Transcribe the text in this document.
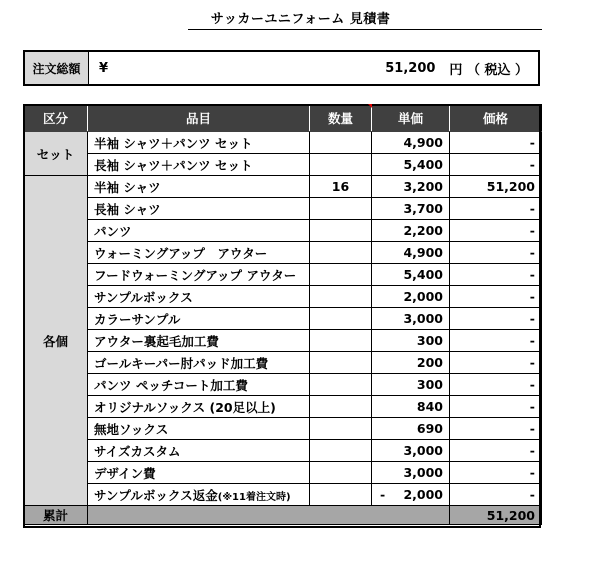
サッカーユニフォーム 見積書
注文総額	¥	51,200	円 （ 税込 ）
区分	品目	数量	単価	価格
セット	半袖 シャツ＋パンツ セット		4,900	-
	長袖 シャツ＋パンツ セット		5,400	-
各個	半袖 シャツ	16	3,200	51,200
	長袖 シャツ		3,700	-
	パンツ		2,200	-
	ウォーミングアップ　アウター		4,900	-
	フードウォーミングアップ アウター		5,400	-
	サンプルボックス		2,000	-
	カラーサンプル		3,000	-
	アウター裏起毛加工費		300	-
	ゴールキーパー肘パッド加工費		200	-
	パンツ ペッチコート加工費		300	-
	オリジナルソックス (20足以上)		840	-
	無地ソックス		690	-
	サイズカスタム		3,000	-
	デザイン費		3,000	-
	サンプルボックス返金(※11着注文時)		- 2,000	-
累計				51,200
